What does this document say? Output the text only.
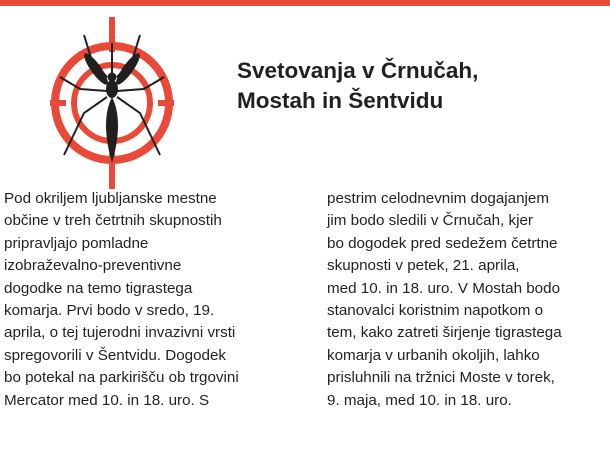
Svetovanja v Črnučah,
Mostah in Šentvidu

Pod okriljem ljubljanske mestne
občine v treh četrtnih skupnostih
pripravljajo pomladne
izobraževalno-preventivne
dogodke na temo tigrastega
komarja. Prvi bodo v sredo, 19.
aprila, o tej tujerodni invazivni vrsti
spregovorili v Šentvidu. Dogodek
bo potekal na parkirišču ob trgovini
Mercator med 10. in 18. uro. S

pestrim celodnevnim dogajanjem
jim bodo sledili v Črnučah, kjer
bo dogodek pred sedežem četrtne
skupnosti v petek, 21. aprila,
med 10. in 18. uro. V Mostah bodo
stanovalci koristnim napotkom o
tem, kako zatreti širjenje tigrastega
komarja v urbanih okoljih, lahko
prisluhnili na tržnici Moste v torek,
9. maja, med 10. in 18. uro.
